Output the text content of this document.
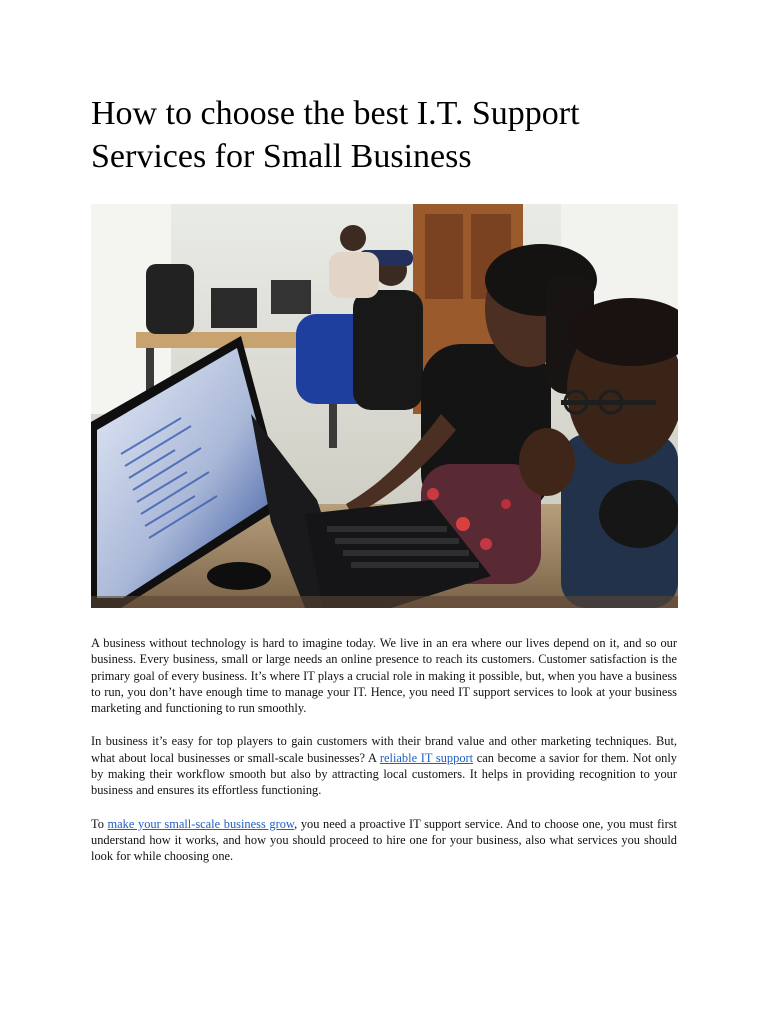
How to choose the best I.T. Support
Services for Small Business

A business without technology is hard to imagine today. We live in an era where our lives depend on it, and so our business. Every business, small or large needs an online presence to reach its customers. Customer satisfaction is the primary goal of every business. It’s where IT plays a crucial role in making it possible, but, when you have a business to run, you don’t have enough time to manage your IT. Hence, you need IT support services to look at your business marketing and functioning to run smoothly.

In business it’s easy for top players to gain customers with their brand value and other marketing techniques. But, what about local businesses or small-scale businesses? A reliable IT support can become a savior for them. Not only by making their workflow smooth but also by attracting local customers. It helps in providing recognition to your business and ensures its effortless functioning.

To make your small-scale business grow, you need a proactive IT support service. And to choose one, you must first understand how it works, and how you should proceed to hire one for your business, also what services you should look for while choosing one.
